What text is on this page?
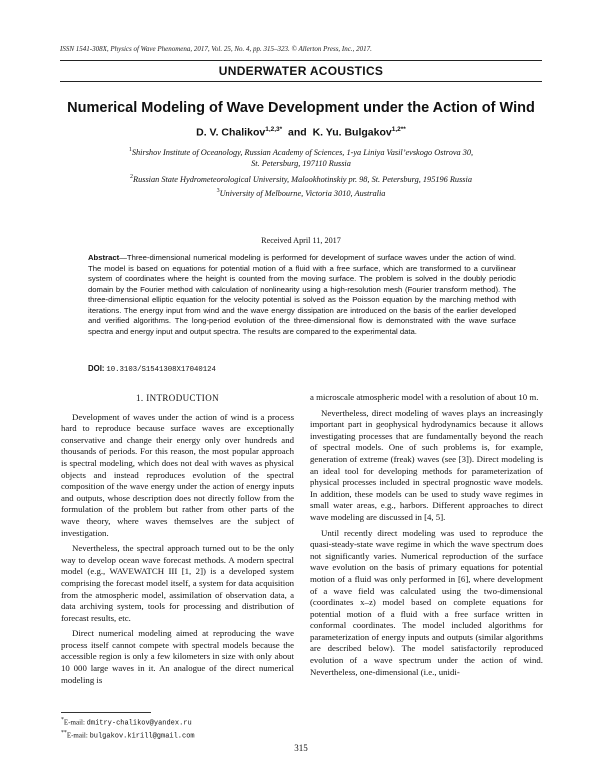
ISSN 1541-308X, Physics of Wave Phenomena, 2017, Vol. 25, No. 4, pp. 315–323. © Allerton Press, Inc., 2017.
UNDERWATER ACOUSTICS
Numerical Modeling of Wave Development under the Action of Wind
D. V. Chalikov$^{1,2,3*}$ and K. Yu. Bulgakov$^{1,2**}$
$^1$Shirshov Institute of Oceanology, Russian Academy of Sciences, 1-ya Liniya Vasil’evskogo Ostrova 30,
St. Petersburg, 197110 Russia
$^2$Russian State Hydrometeorological University, Malookhotinskiy pr. 98, St. Petersburg, 195196 Russia
$^3$University of Melbourne, Victoria 3010, Australia
Received April 11, 2017
Abstract—Three-dimensional numerical modeling is performed for development of surface waves under the action of wind. The model is based on equations for potential motion of a fluid with a free surface, which are transformed to a curvilinear system of coordinates where the height is counted from the moving surface. The problem is solved in the doubly periodic domain by the Fourier method with calculation of nonlinearity using a high-resolution mesh (Fourier transform method). The three-dimensional elliptic equation for the velocity potential is solved as the Poisson equation by the marching method with iterations. The energy input from wind and the wave energy dissipation are introduced on the basis of the earlier developed and verified algorithms. The long-period evolution of the three-dimensional flow is demonstrated with the wave surface spectra and energy input and output spectra. The results are compared to the experimental data.
DOI: 10.3103/S1541308X17040124
1. INTRODUCTION

Development of waves under the action of wind is a process hard to reproduce because surface waves are exceptionally conservative and change their energy only over hundreds and thousands of periods. For this reason, the most popular approach is spectral modeling, which does not deal with waves as physical objects and instead reproduces evolution of the spectral composition of the wave energy under the action of energy inputs and outputs, whose description does not directly follow from the formulation of the problem but rather from other parts of the wave theory, where waves themselves are the subject of investigation.

Nevertheless, the spectral approach turned out to be the only way to develop ocean wave forecast methods. A modern spectral model (e.g., WAVEWATCH III [1, 2]) is a developed system comprising the forecast model itself, a system for data acquisition from the atmospheric model, assimilation of observation data, a data archiving system, tools for processing and distribution of forecast results, etc.

Direct numerical modeling aimed at reproducing the wave process itself cannot compete with spectral models because the accessible region is only a few kilometers in size with only about 10 000 large waves in it. An analogue of the direct numerical modeling is

a microscale atmospheric model with a resolution of about 10 m.

Nevertheless, direct modeling of waves plays an increasingly important part in geophysical hydrodynamics because it allows investigating processes that are fundamentally beyond the reach of spectral models. One of such problems is, for example, generation of extreme (freak) waves (see [3]). Direct modeling is an ideal tool for developing methods for parameterization of physical processes included in spectral prognostic wave models. In addition, these models can be used to study wave regimes in small water areas, e.g., harbors. Different approaches to direct wave modeling are discussed in [4, 5].

Until recently direct modeling was used to reproduce the quasi-steady-state wave regime in which the wave spectrum does not significantly varies. Numerical reproduction of the surface wave evolution on the basis of primary equations for potential motion of a fluid was only performed in [6], where development of a wave field was calculated using the two-dimensional (coordinates x–z) model based on complete equations for potential motion of a fluid with a free surface written in conformal coordinates. The model included algorithms for parameterization of energy inputs and outputs (similar algorithms are described below). The model satisfactorily reproduced evolution of a wave spectrum under the action of wind. Nevertheless, one-dimensional (i.e., unidi-

*E-mail: dmitry-chalikov@yandex.ru
**E-mail: bulgakov.kirill@gmail.com
315
